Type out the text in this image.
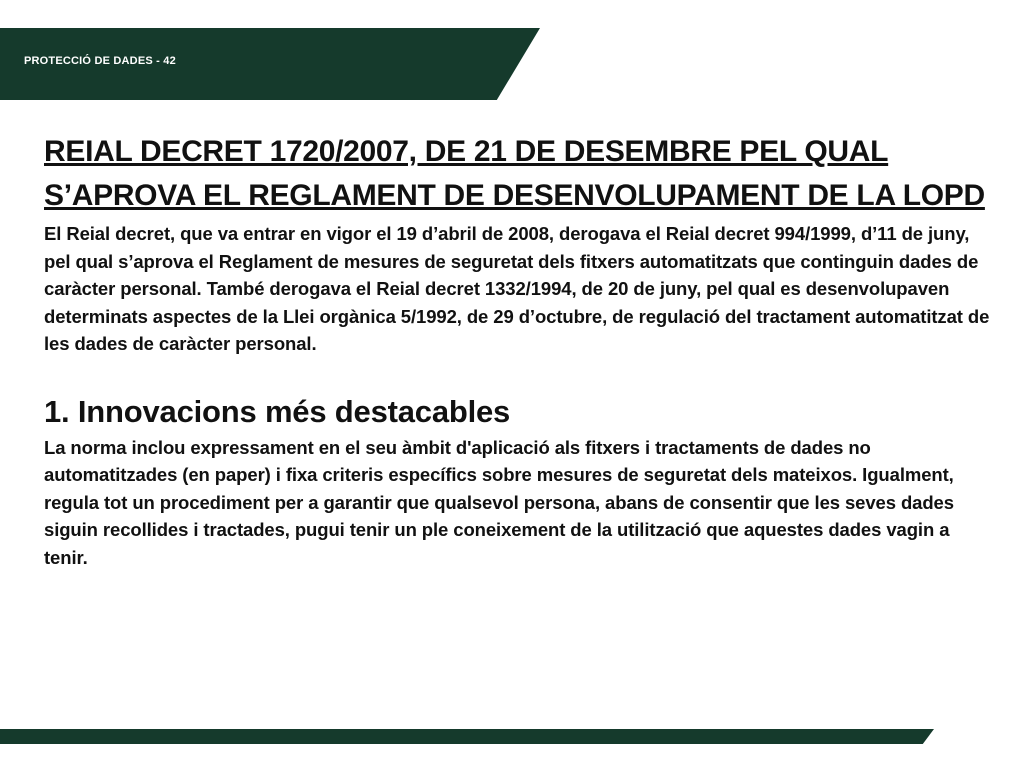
PROTECCIÓ DE DADES - 42
REIAL DECRET 1720/2007, DE 21 DE DESEMBRE PEL QUAL S’APROVA EL REGLAMENT DE DESENVOLUPAMENT DE LA LOPD

El Reial decret, que va entrar en vigor el 19 d’abril de 2008, derogava el Reial decret 994/1999, d’11 de juny, pel qual s’aprova el Reglament de mesures de seguretat dels fitxers automatitzats que continguin dades de caràcter personal. També derogava el Reial decret 1332/1994, de 20 de juny, pel qual es desenvolupaven determinats aspectes de la Llei orgànica 5/1992, de 29 d’octubre, de regulació del tractament automatitzat de les dades de caràcter personal.

1. Innovacions més destacables

La norma inclou expressament en el seu àmbit d'aplicació als fitxers i tractaments de dades no automatitzades (en paper) i fixa criteris específics sobre mesures de seguretat dels mateixos. Igualment, regula tot un procediment per a garantir que qualsevol persona, abans de consentir que les seves dades siguin recollides i tractades, pugui tenir un ple coneixement de la utilització que aquestes dades vagin a tenir.
